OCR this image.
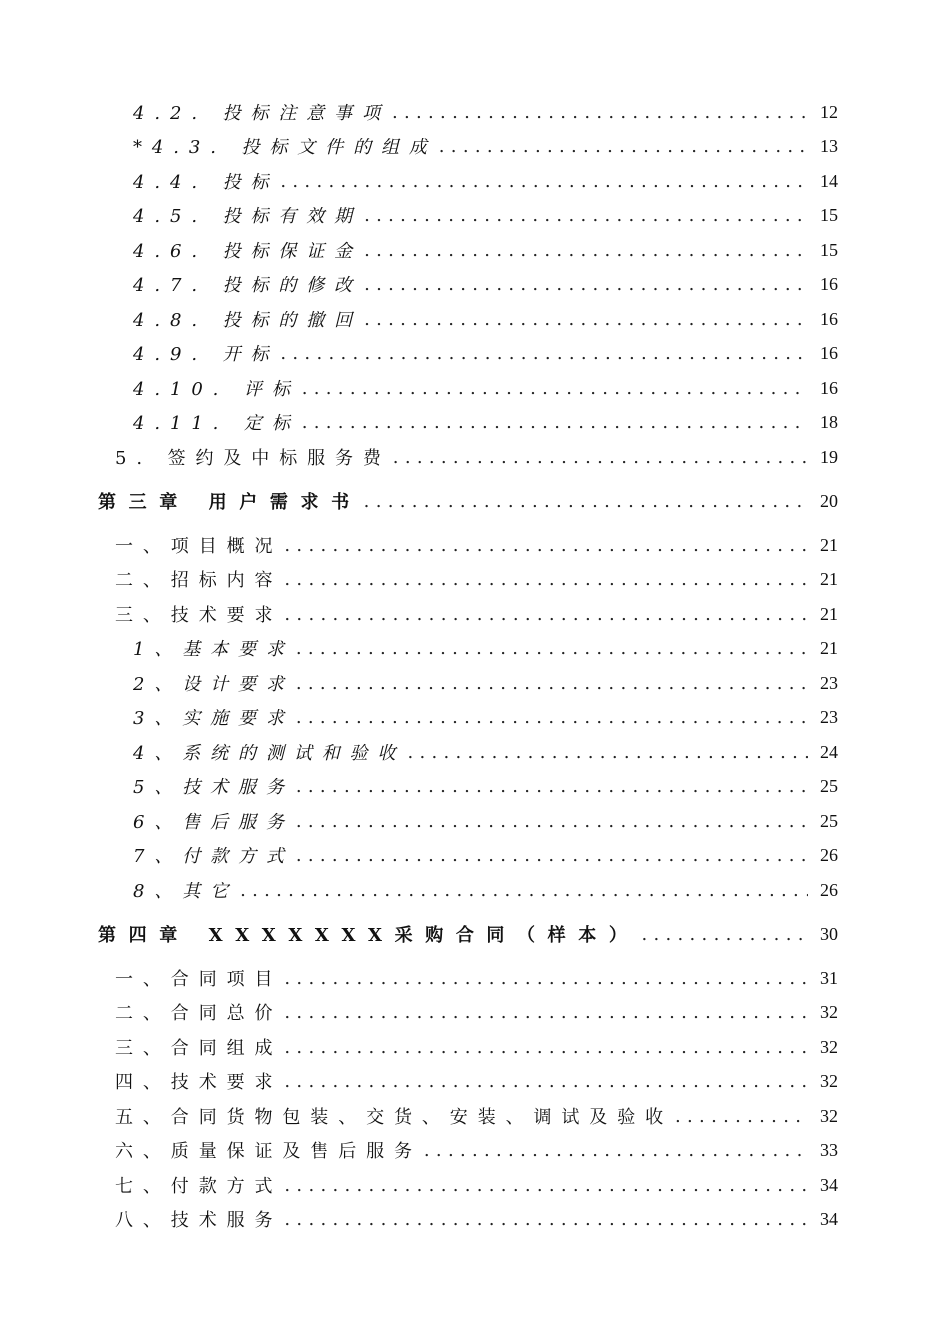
4.2. 投标注意事项 .....	12
*4.3. 投标文件的组成 .....	13
4.4. 投标 .....	14
4.5. 投标有效期 .....	15
4.6. 投标保证金 .....	15
4.7. 投标的修改 .....	16
4.8. 投标的撤回 .....	16
4.9. 开标 .....	16
4.10. 评标 .....	16
4.11. 定标 .....	18
5. 签约及中标服务费 .....	19
第三章 用户需求书 .....	20
一、项目概况 .....	21
二、招标内容 .....	21
三、技术要求 .....	21
1、基本要求 .....	21
2、设计要求 .....	23
3、实施要求 .....	23
4、系统的测试和验收 .....	24
5、技术服务 .....	25
6、售后服务 .....	25
7、付款方式 .....	26
8、其它 .....	26
第四章 XXXXXXX采购合同（样本） .....	30
一、合同项目 .....	31
二、合同总价 .....	32
三、合同组成 .....	32
四、技术要求 .....	32
五、合同货物包装、交货、安装、调试及验收 .....	32
六、质量保证及售后服务 .....	33
七、付款方式 .....	34
八、技术服务 .....	34
